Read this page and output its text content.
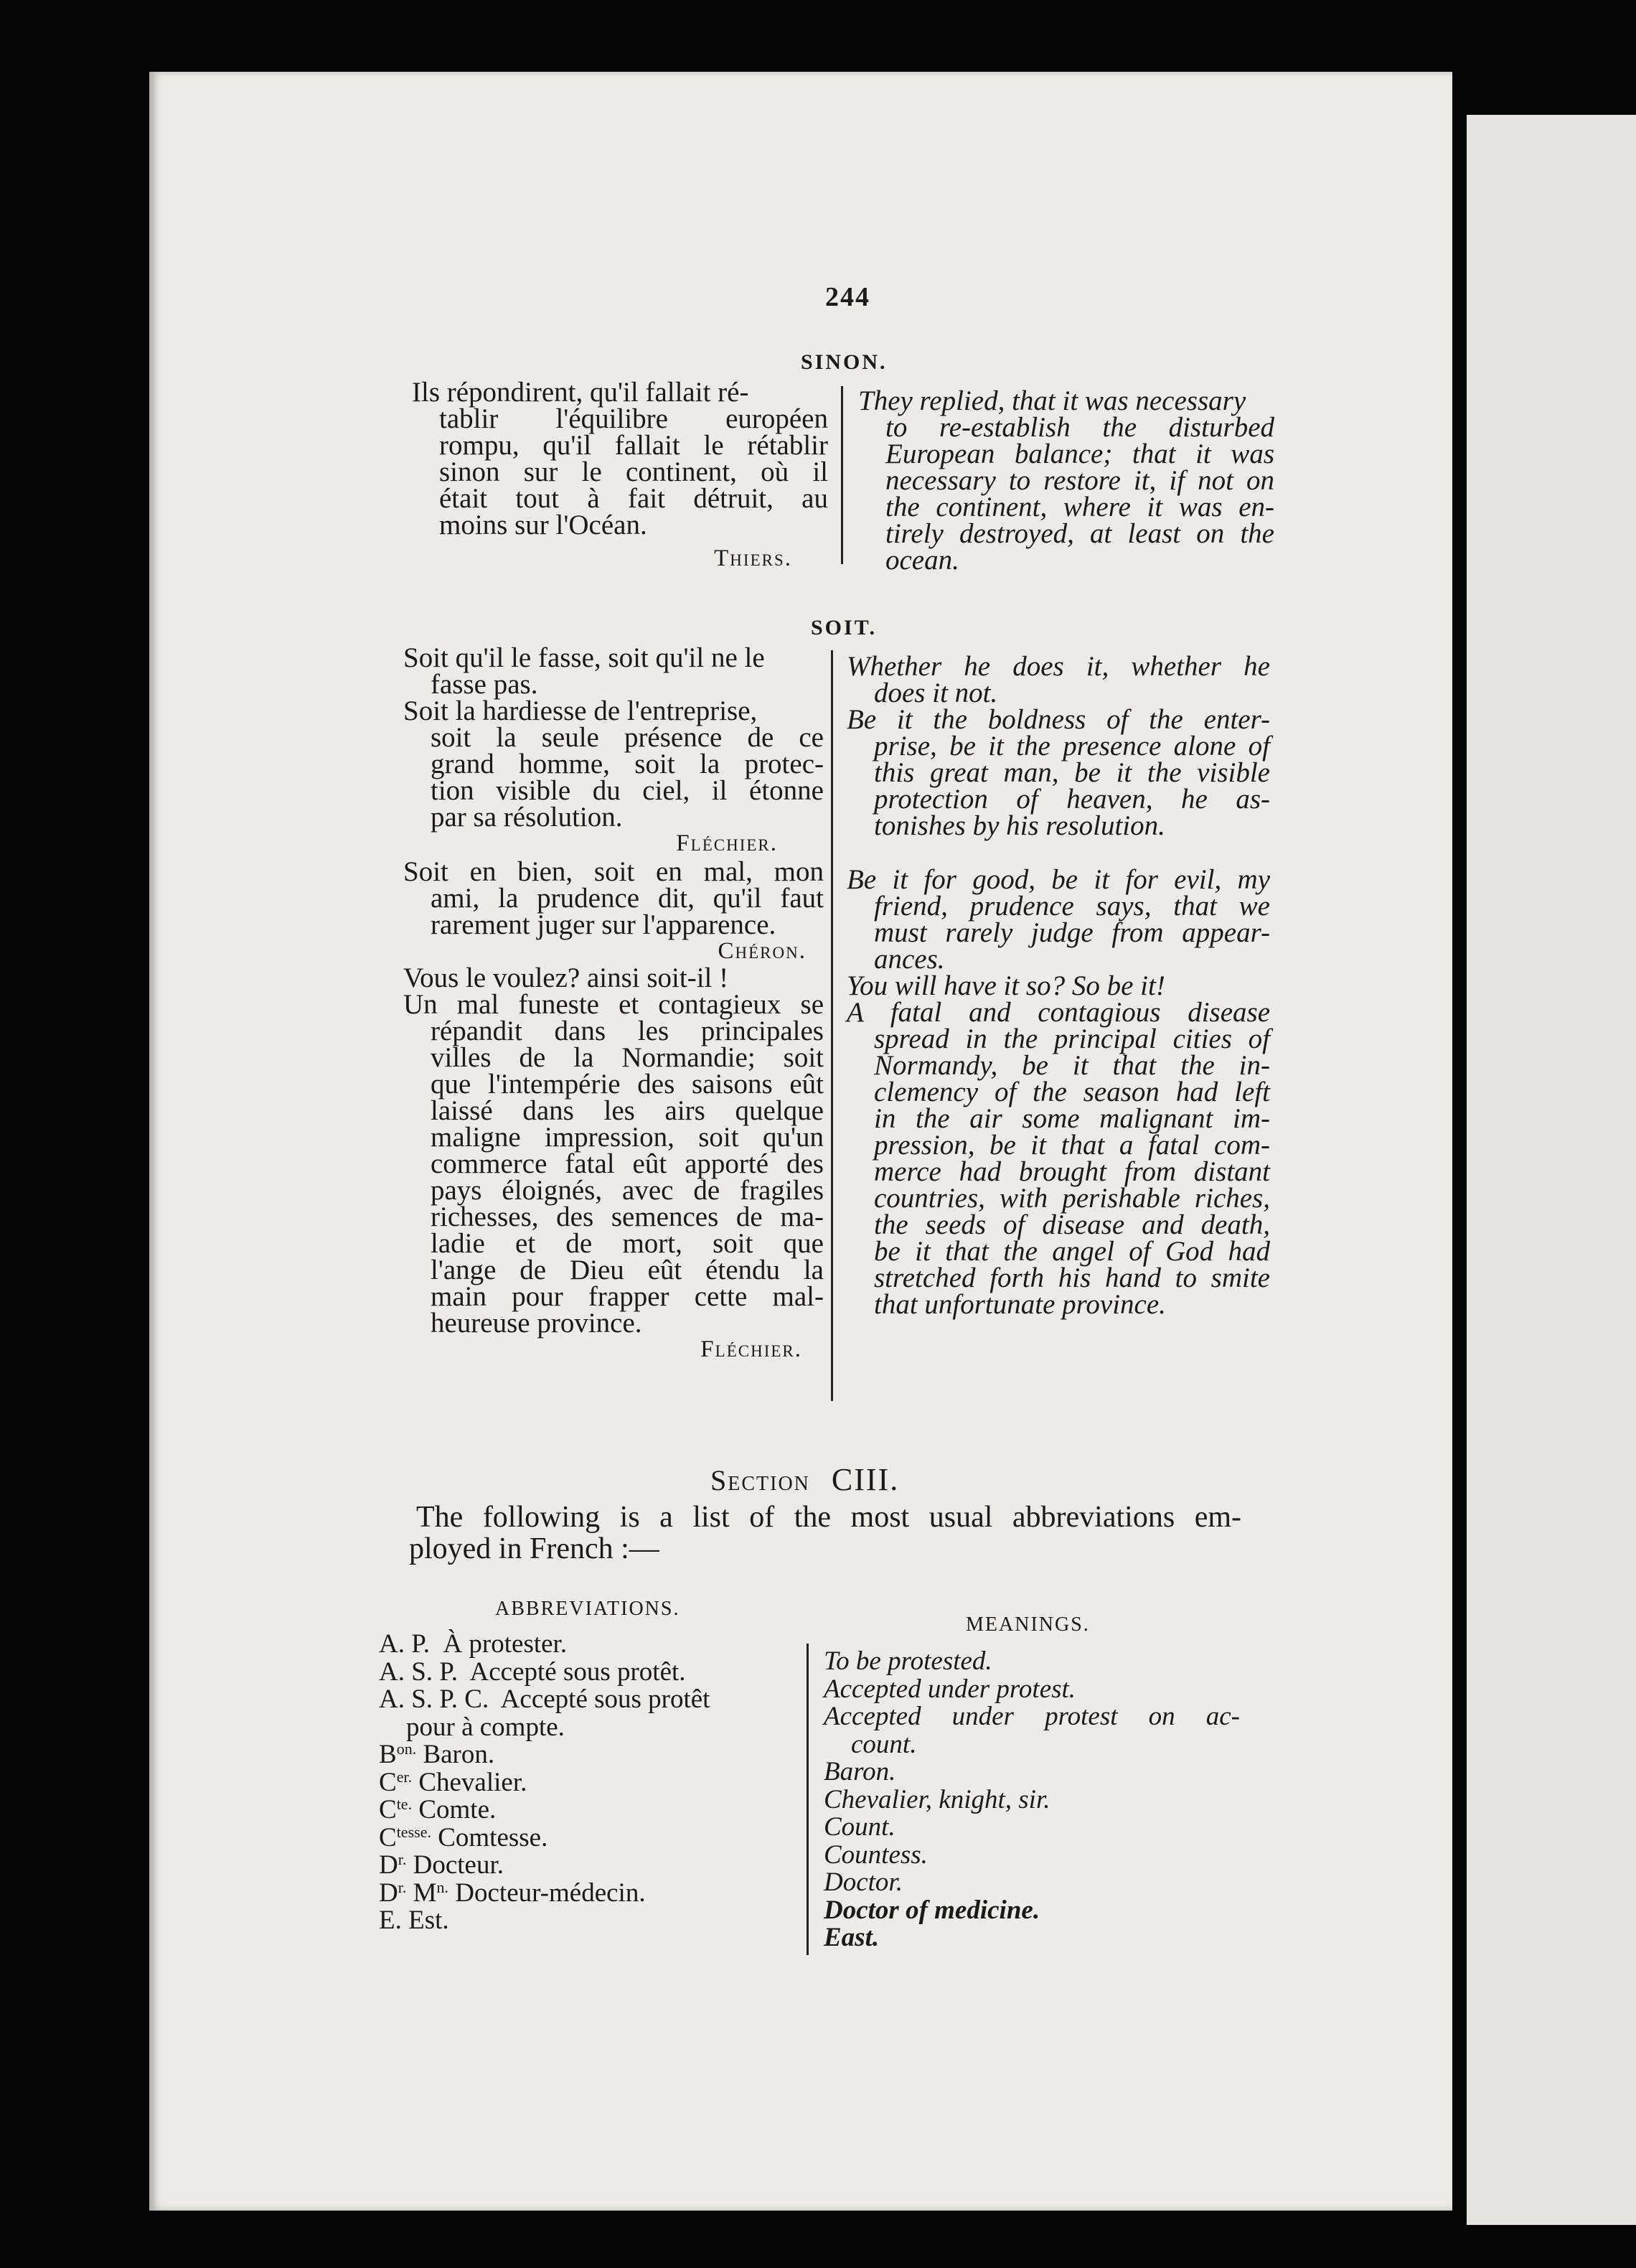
244
SINON.
Ils répondirent, qu'il fallait ré-
tablir l'équilibre européen
rompu, qu'il fallait le rétablir
sinon sur le continent, où il
était tout à fait détruit, au
moins sur l'Océan.
Thiers.
They replied, that it was necessary
to re-establish the disturbed
European balance; that it was
necessary to restore it, if not on
the continent, where it was en-
tirely destroyed, at least on the
ocean.
SOIT.
Soit qu'il le fasse, soit qu'il ne le
fasse pas.
Soit la hardiesse de l'entreprise,
soit la seule présence de ce
grand homme, soit la protec-
tion visible du ciel, il étonne
par sa résolution.
Fléchier.
Soit en bien, soit en mal, mon
ami, la prudence dit, qu'il faut
rarement juger sur l'apparence.
Chéron.
Vous le voulez? ainsi soit-il !
Un mal funeste et contagieux se
répandit dans les principales
villes de la Normandie; soit
que l'intempérie des saisons eût
laissé dans les airs quelque
maligne impression, soit qu'un
commerce fatal eût apporté des
pays éloignés, avec de fragiles
richesses, des semences de ma-
ladie et de mort, soit que
l'ange de Dieu eût étendu la
main pour frapper cette mal-
heureuse province.
Fléchier.
Whether he does it, whether he
does it not.
Be it the boldness of the enter-
prise, be it the presence alone of
this great man, be it the visible
protection of heaven, he as-
tonishes by his resolution.
Be it for good, be it for evil, my
friend, prudence says, that we
must rarely judge from appear-
ances.
You will have it so? So be it!
A fatal and contagious disease
spread in the principal cities of
Normandy, be it that the in-
clemency of the season had left
in the air some malignant im-
pression, be it that a fatal com-
merce had brought from distant
countries, with perishable riches,
the seeds of disease and death,
be it that the angel of God had
stretched forth his hand to smite
that unfortunate province.
Section CIII.
The following is a list of the most usual abbreviations em-
ployed in French :—
ABBREVIATIONS.
MEANINGS.
A. P. À protester.
A. S. P. Accepté sous protêt.
A. S. P. C. Accepté sous protêt
pour à compte.
$B^{on.}$ Baron.
$C^{er.}$ Chevalier.
$C^{te.}$ Comte.
$C^{tesse.}$ Comtesse.
$D^{r.}$ Docteur.
$D^{r.}$ $M^{n.}$ Docteur-médecin.
E. Est.
To be protested.
Accepted under protest.
Accepted under protest on ac-
count.
Baron.
Chevalier, knight, sir.
Count.
Countess.
Doctor.
Doctor of medicine.
East.
